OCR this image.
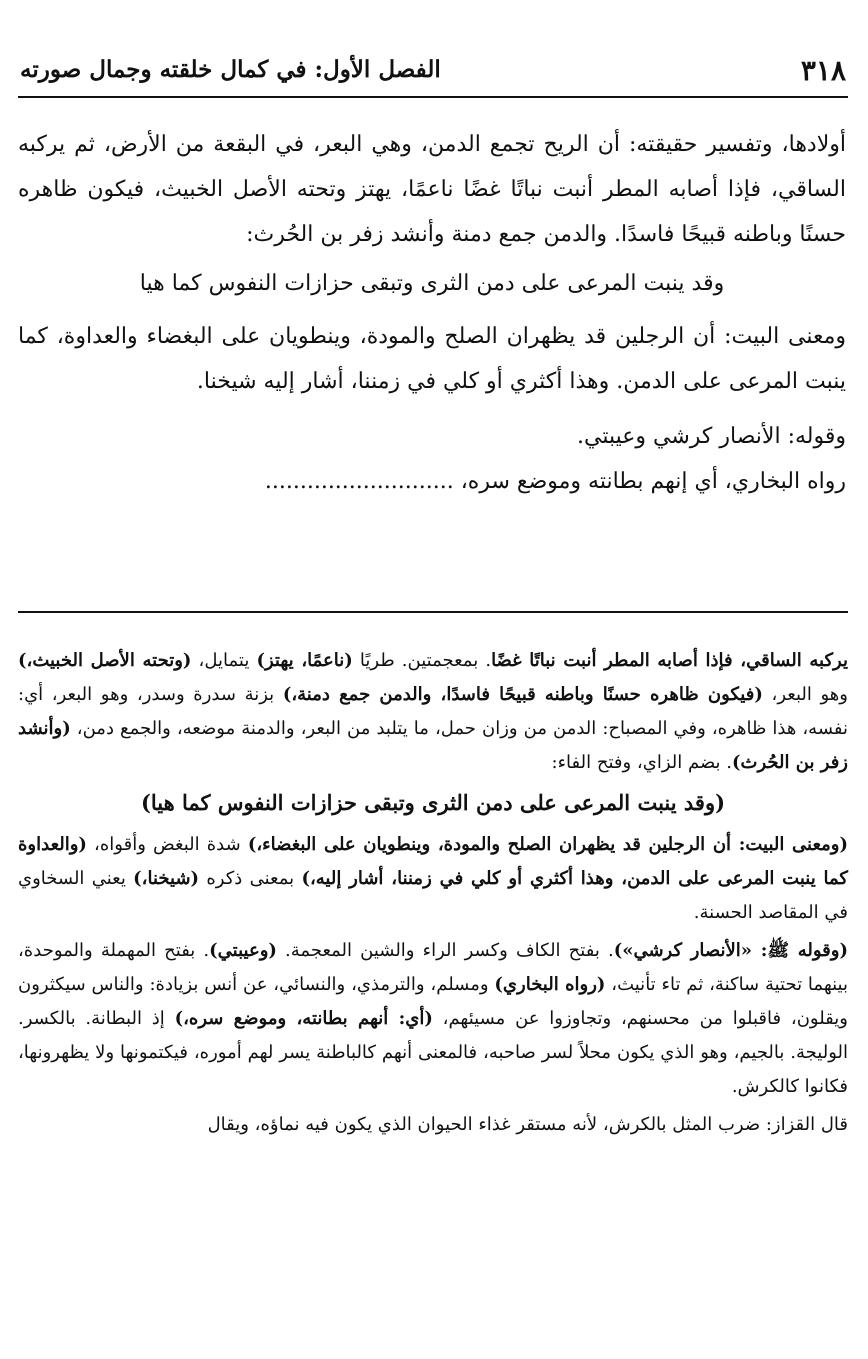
٣١٨
الفصل الأول: في كمال خلقته وجمال صورته

أولادها، وتفسير حقيقته: أن الريح تجمع الدمن، وهي البعر، في البقعة من الأرض، ثم يركبه الساقي، فإذا أصابه المطر أنبت نباتًا غضًا ناعمًا، يهتز وتحته الأصل الخبيث، فيكون ظاهره حسنًا وباطنه قبيحًا فاسدًا. والدمن جمع دمنة وأنشد زفر بن الحُرث:

وقد ينبت المرعى على دمن الثرى وتبقى حزازات النفوس كما هيا

ومعنى البيت: أن الرجلين قد يظهران الصلح والمودة، وينطويان على البغضاء والعداوة، كما ينبت المرعى على الدمن. وهذا أكثري أو كلي في زمننا، أشار إليه شيخنا.

وقوله: الأنصار كرشي وعيبتي.

رواه البخاري، أي إنهم بطانته وموضع سره، ...........................

يركبه الساقي، فإذا أصابه المطر أنبت نباتًا غضًا. بمعجمتين. طريًا (ناعمًا، يهتز) يتمايل، (وتحته الأصل الخبيث،) وهو البعر، (فيكون ظاهره حسنًا وباطنه قبيحًا فاسدًا، والدمن جمع دمنة،) بزنة سدرة وسدر، وهو البعر، أي: نفسه، هذا ظاهره، وفي المصباح: الدمن من وزان حمل، ما يتلبد من البعر، والدمنة موضعه، والجمع دمن، (وأنشد زفر بن الحُرث). بضم الزاي، وفتح الفاء:

(وقد ينبت المرعى على دمن الثرى وتبقى حزازات النفوس كما هيا)

(ومعنى البيت: أن الرجلين قد يظهران الصلح والمودة، وينطويان على البغضاء،) شدة البغض وأقواه، (والعداوة كما ينبت المرعى على الدمن، وهذا أكثري أو كلي في زمننا، أشار إليه،) بمعنى ذكره (شيخنا،) يعني السخاوي في المقاصد الحسنة.

(وقوله ﷺ: «الأنصار كرشي»). بفتح الكاف وكسر الراء والشين المعجمة. (وعيبتي). بفتح المهملة والموحدة، بينهما تحتية ساكنة، ثم تاء تأنيث، (رواه البخاري) ومسلم، والترمذي، والنسائي، عن أنس بزيادة: والناس سيكثرون ويقلون، فاقبلوا من محسنهم، وتجاوزوا عن مسيئهم، (أي: أنهم بطانته، وموضع سره،) إذ البطانة. بالكسر. الوليجة. بالجيم، وهو الذي يكون محلاً لسر صاحبه، فالمعنى أنهم كالباطنة يسر لهم أموره، فيكتمونها ولا يظهرونها، فكانوا كالكرش.

قال القزاز: ضرب المثل بالكرش، لأنه مستقر غذاء الحيوان الذي يكون فيه نماؤه، ويقال
